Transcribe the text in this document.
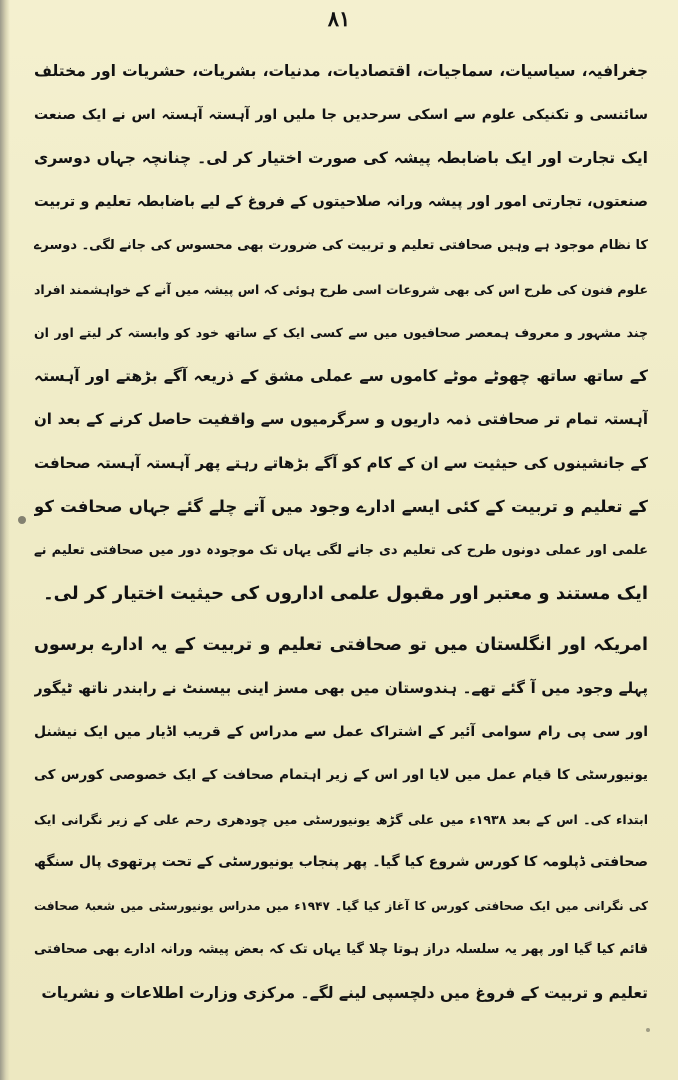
۸۱
جغرافیہ، سیاسیات، سماجیات، اقتصادیات، مدنیات، بشریات، حشریات اور مختلف
سائنسی و تکنیکی علوم سے اسکی سرحدیں جا ملیں اور آہستہ آہستہ اس نے ایک صنعت
ایک تجارت اور ایک باضابطہ پیشہ کی صورت اختیار کر لی۔ چنانچہ جہاں دوسری
صنعتوں، تجارتی امور اور پیشہ ورانہ صلاحیتوں کے فروغ کے لیے باضابطہ تعلیم و تربیت
کا نظام موجود ہے وہیں صحافتی تعلیم و تربیت کی ضرورت بھی محسوس کی جانے لگی۔ دوسرے
علوم فنون کی طرح اس کی بھی شروعات اسی طرح ہوئی کہ اس پیشہ میں آنے کے خواہشمند افراد
چند مشہور و معروف ہمعصر صحافیوں میں سے کسی ایک کے ساتھ خود کو وابستہ کر لیتے اور ان
کے ساتھ ساتھ چھوٹے موٹے کاموں سے عملی مشق کے ذریعہ آگے بڑھتے اور آہستہ
آہستہ تمام تر صحافتی ذمہ داریوں و سرگرمیوں سے واقفیت حاصل کرنے کے بعد ان
کے جانشینوں کی حیثیت سے ان کے کام کو آگے بڑھاتے رہتے پھر آہستہ آہستہ صحافت
کے تعلیم و تربیت کے کئی ایسے ادارے وجود میں آتے چلے گئے جہاں صحافت کو
علمی اور عملی دونوں طرح کی تعلیم دی جانے لگی یہاں تک موجودہ دور میں صحافتی تعلیم نے
ایک مستند و معتبر اور مقبول علمی اداروں کی حیثیت اختیار کر لی۔
امریکہ اور انگلستان میں تو صحافتی تعلیم و تربیت کے یہ ادارے برسوں
پہلے وجود میں آ گئے تھے۔ ہندوستان میں بھی مسز اینی بیسنٹ نے رابندر ناتھ ٹیگور
اور سی پی رام سوامی آئیر کے اشتراک عمل سے مدراس کے قریب اڈیار میں ایک نیشنل
یونیورسٹی کا قیام عمل میں لایا اور اس کے زیر اہتمام صحافت کے ایک خصوصی کورس کی
ابتداء کی۔ اس کے بعد ۱۹۳۸ء میں علی گڑھ یونیورسٹی میں چودھری رحم علی کے زیر نگرانی ایک
صحافتی ڈپلومہ کا کورس شروع کیا گیا۔ پھر پنجاب یونیورسٹی کے تحت پرتھوی پال سنگھ
کی نگرانی میں ایک صحافتی کورس کا آغاز کیا گیا۔ ۱۹۴۷ء میں مدراس یونیورسٹی میں شعبۂ صحافت
قائم کیا گیا اور پھر یہ سلسلہ دراز ہوتا چلا گیا یہاں تک کہ بعض پیشہ ورانہ ادارے بھی صحافتی
تعلیم و تربیت کے فروغ میں دلچسپی لینے لگے۔ مرکزی وزارت اطلاعات و نشریات
